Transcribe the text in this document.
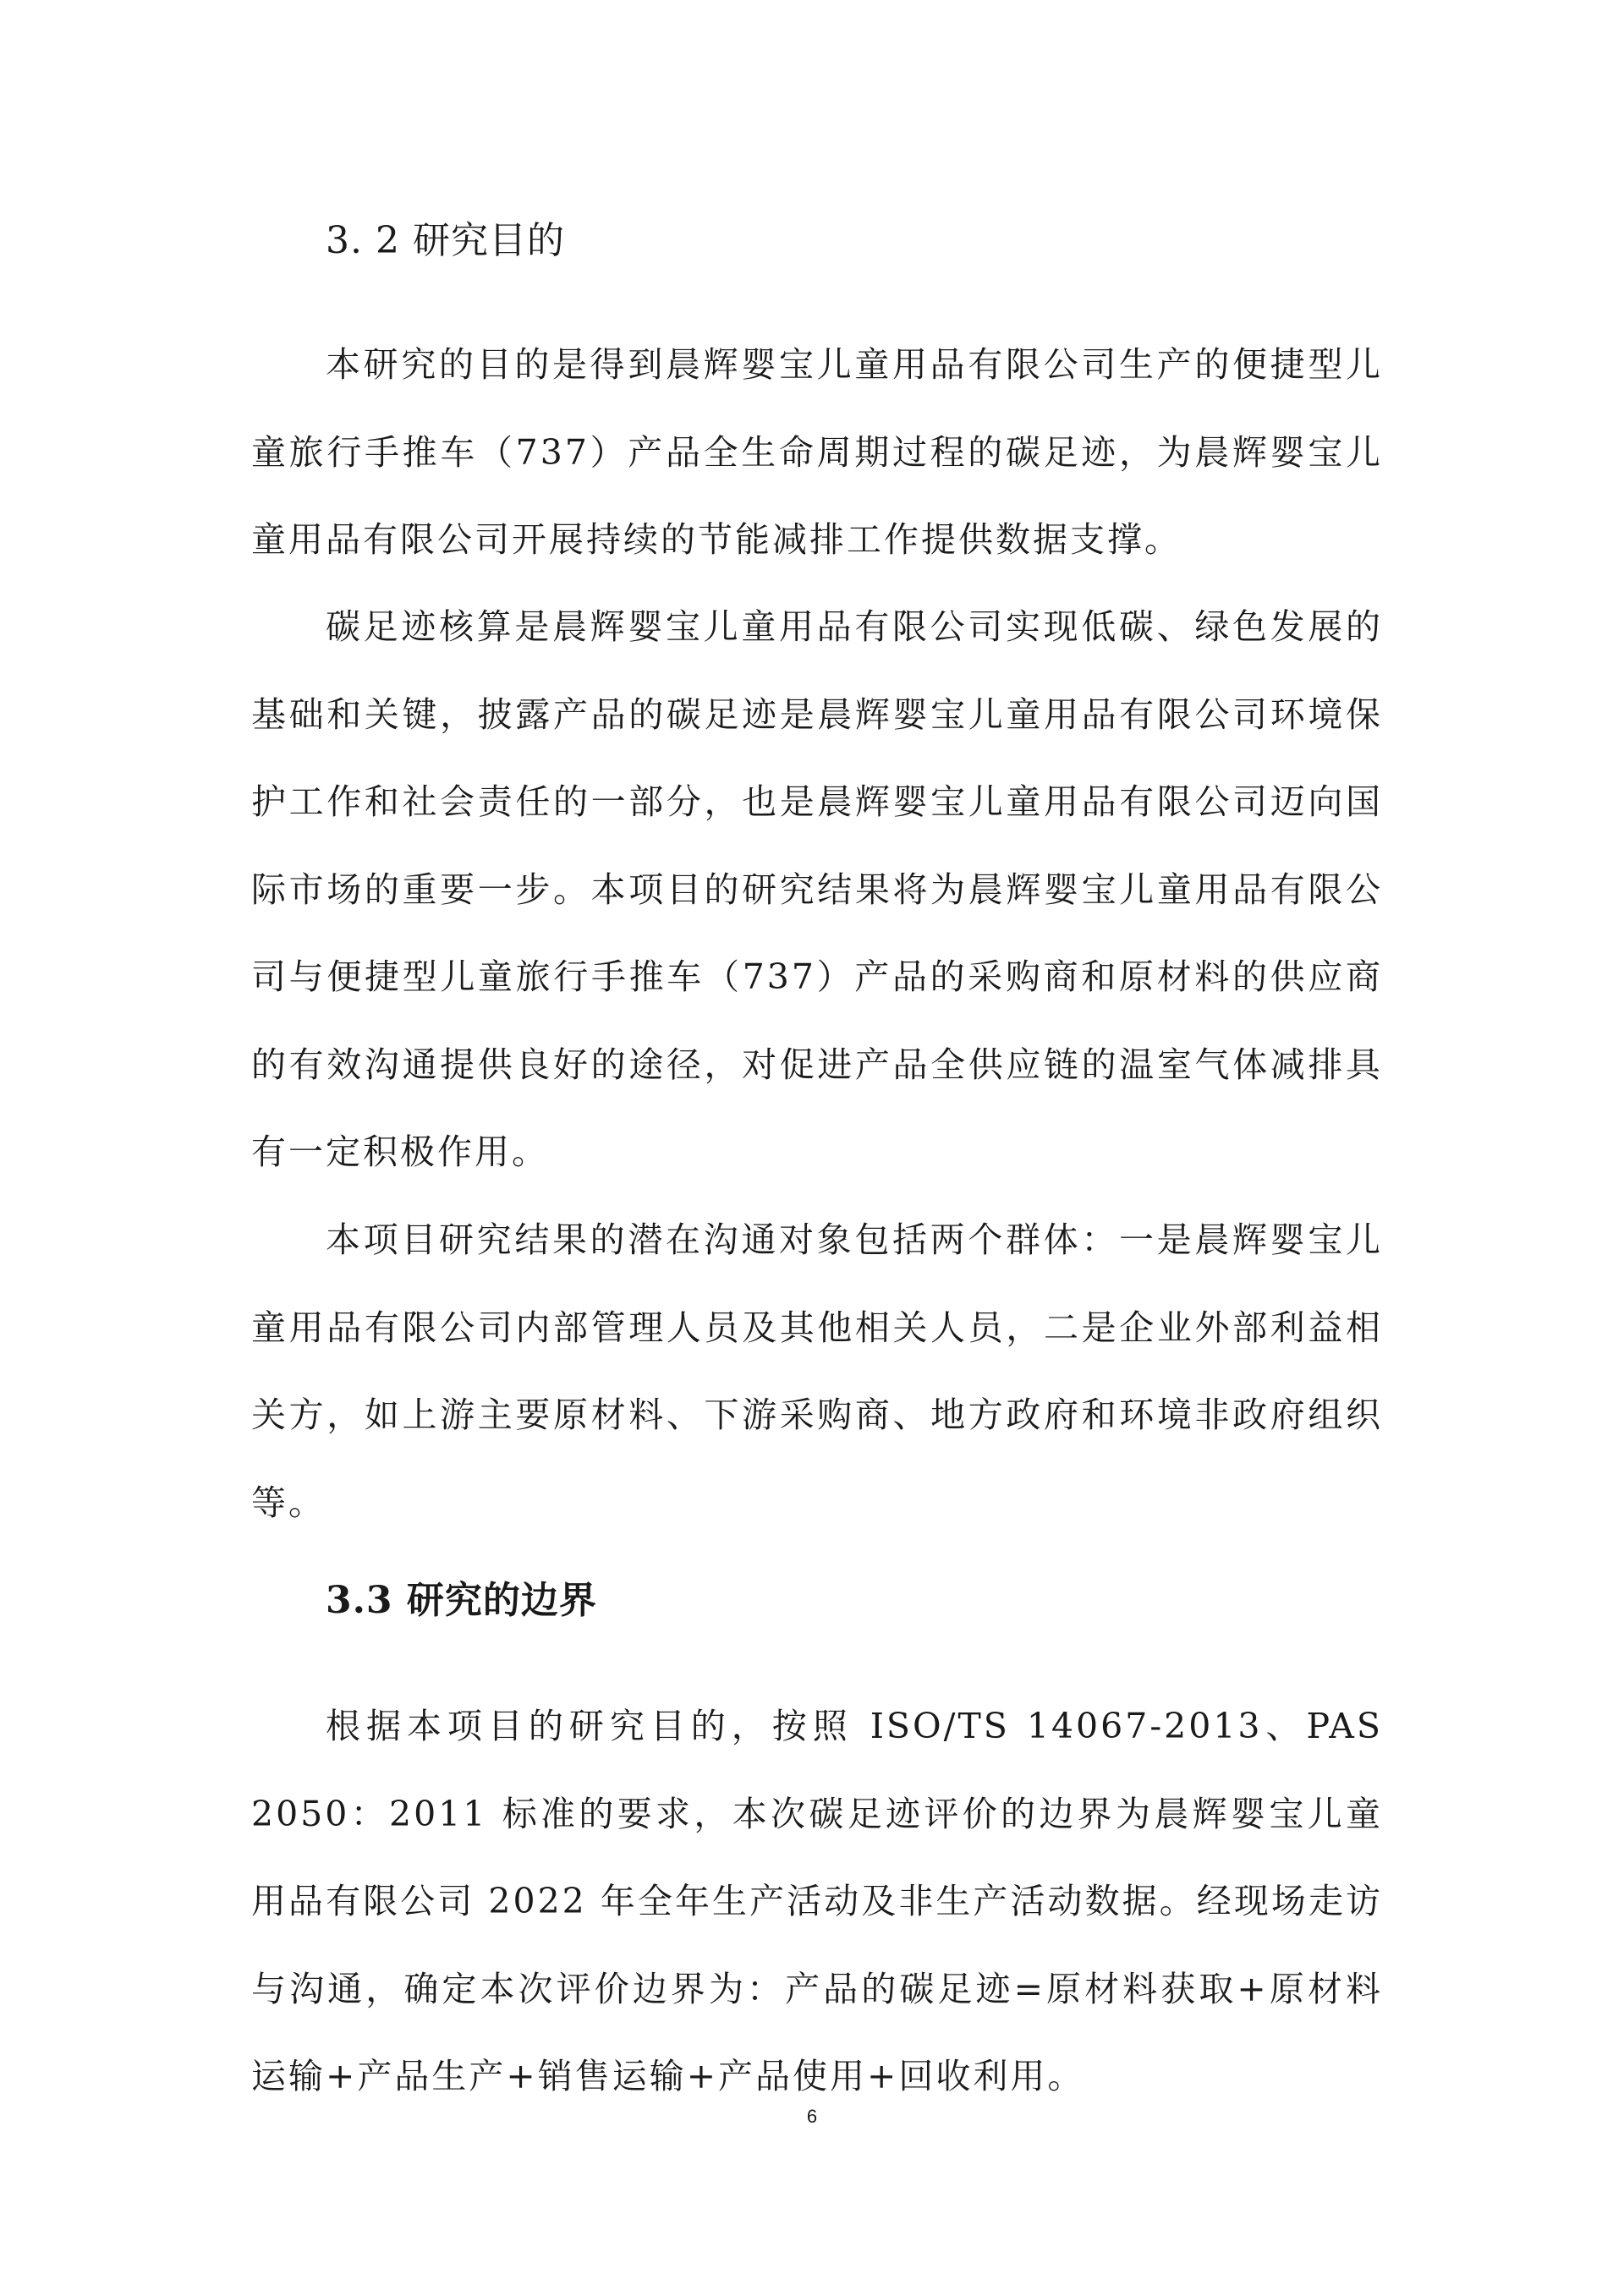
3. 2 研究目的

本研究的目的是得到晨辉婴宝儿童用品有限公司生产的便捷型儿童旅行手推车（737）产品全生命周期过程的碳足迹，为晨辉婴宝儿童用品有限公司开展持续的节能减排工作提供数据支撑。

碳足迹核算是晨辉婴宝儿童用品有限公司实现低碳、绿色发展的基础和关键，披露产品的碳足迹是晨辉婴宝儿童用品有限公司环境保护工作和社会责任的一部分，也是晨辉婴宝儿童用品有限公司迈向国际市场的重要一步。本项目的研究结果将为晨辉婴宝儿童用品有限公司与便捷型儿童旅行手推车（737）产品的采购商和原材料的供应商的有效沟通提供良好的途径，对促进产品全供应链的温室气体减排具有一定积极作用。

本项目研究结果的潜在沟通对象包括两个群体：一是晨辉婴宝儿童用品有限公司内部管理人员及其他相关人员，二是企业外部利益相关方，如上游主要原材料、下游采购商、地方政府和环境非政府组织等。

3.3 研究的边界

根据本项目的研究目的，按照 ISO/TS 14067-2013、PAS 2050：2011 标准的要求，本次碳足迹评价的边界为晨辉婴宝儿童用品有限公司 2022 年全年生产活动及非生产活动数据。经现场走访与沟通，确定本次评价边界为：产品的碳足迹=原材料获取+原材料运输+产品生产+销售运输+产品使用+回收利用。

6
